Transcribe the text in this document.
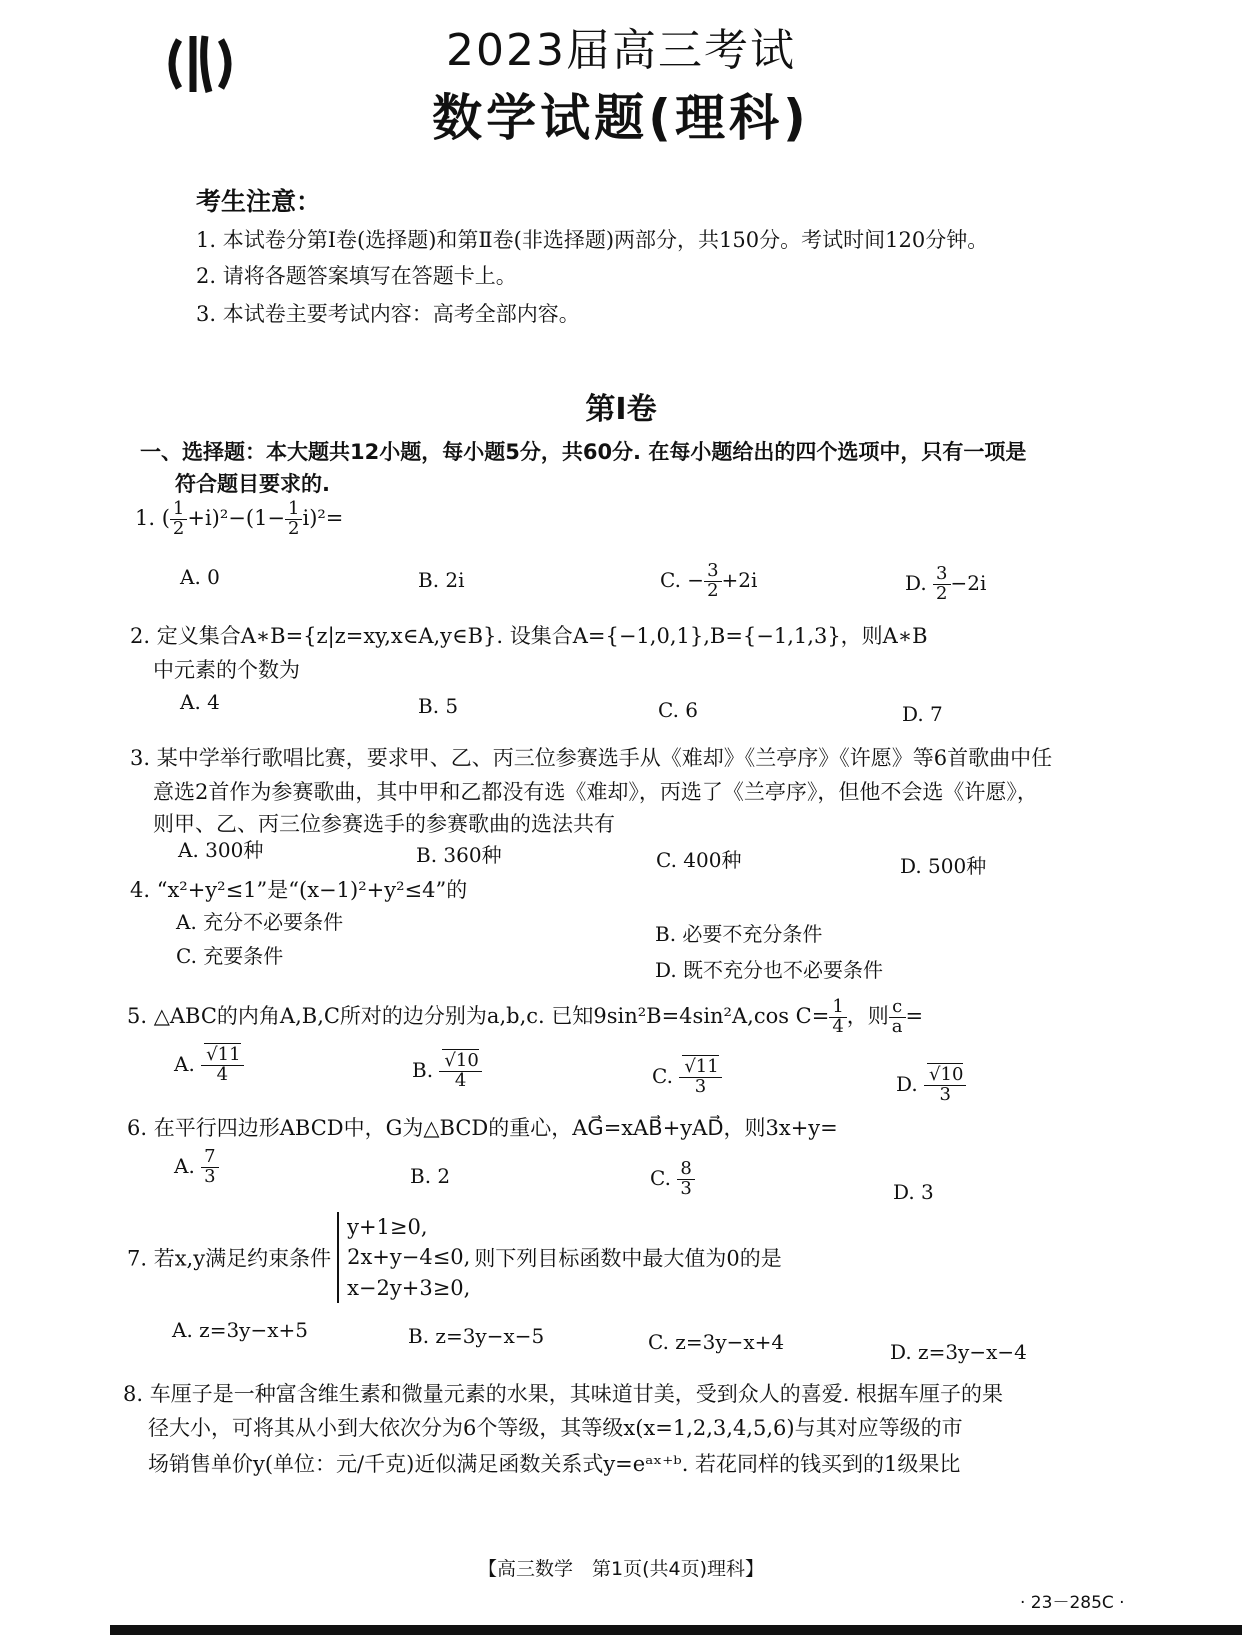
2023届高三考试
数学试题(理科)
考生注意：
1. 本试卷分第Ⅰ卷(选择题)和第Ⅱ卷(非选择题)两部分，共150分。考试时间120分钟。
2. 请将各题答案填写在答题卡上。
3. 本试卷主要考试内容：高考全部内容。
第Ⅰ卷
一、选择题：本大题共12小题，每小题5分，共60分. 在每小题给出的四个选项中，只有一项是
符合题目要求的.
1. ( $\frac{1}{2} +i)^2-(1- \frac{1}{2} i)^2=$
A. 0	B. 2i	C. − $\frac{3}{2} +2i$	D. $\frac{3}{2} -2i$
2. 定义集合A∗B={z|z=xy,x∈A,y∈B}. 设集合A={−1,0,1},B={−1,1,3}，则A∗B
中元素的个数为
A. 4	B. 5	C. 6	D. 7
3. 某中学举行歌唱比赛，要求甲、乙、丙三位参赛选手从《难却》《兰亭序》《许愿》等6首歌曲中任
意选2首作为参赛歌曲，其中甲和乙都没有选《难却》，丙选了《兰亭序》，但他不会选《许愿》，
则甲、乙、丙三位参赛选手的参赛歌曲的选法共有
A. 300种	B. 360种	C. 400种	D. 500种
4. “x²+y²≤1”是“(x−1)²+y²≤4”的
A. 充分不必要条件	B. 必要不充分条件
C. 充要条件
D. 既不充分也不必要条件
5. △ABC的内角A,B,C所对的边分别为a,b,c. 已知9sin²B=4sin²A,cos $C= \frac{1}{4}$ ，则 $\frac{c}{a}$ =
A. $\frac{√11}{4}$	B. $\frac{√10}{4}$	C. $\frac{√11}{3}$	D. $\frac{√10}{3}$
6. 在平行四边形ABCD中，G为△BCD的重心，AG⃗=xAB⃗+yAD⃗，则3x+y=
A. $\frac{7}{3}$	B. 2	C. $\frac{8}{3}$	D. 3
7. 若x,y满足约束条件
y+1≥0,
2x+y−4≤0,
x−2y+3≥0,
则下列目标函数中最大值为0的是
A. z=3y−x+5	B. z=3y−x−5	C. z=3y−x+4	D. z=3y−x−4
8. 车厘子是一种富含维生素和微量元素的水果，其味道甘美，受到众人的喜爱. 根据车厘子的果
径大小，可将其从小到大依次分为6个等级，其等级x(x=1,2,3,4,5,6)与其对应等级的市
场销售单价y(单位：元/千克)近似满足函数关系式y=eᵃˣ⁺ᵇ. 若花同样的钱买到的1级果比
【高三数学　第1页(共4页)理科】
· 23－285C ·
